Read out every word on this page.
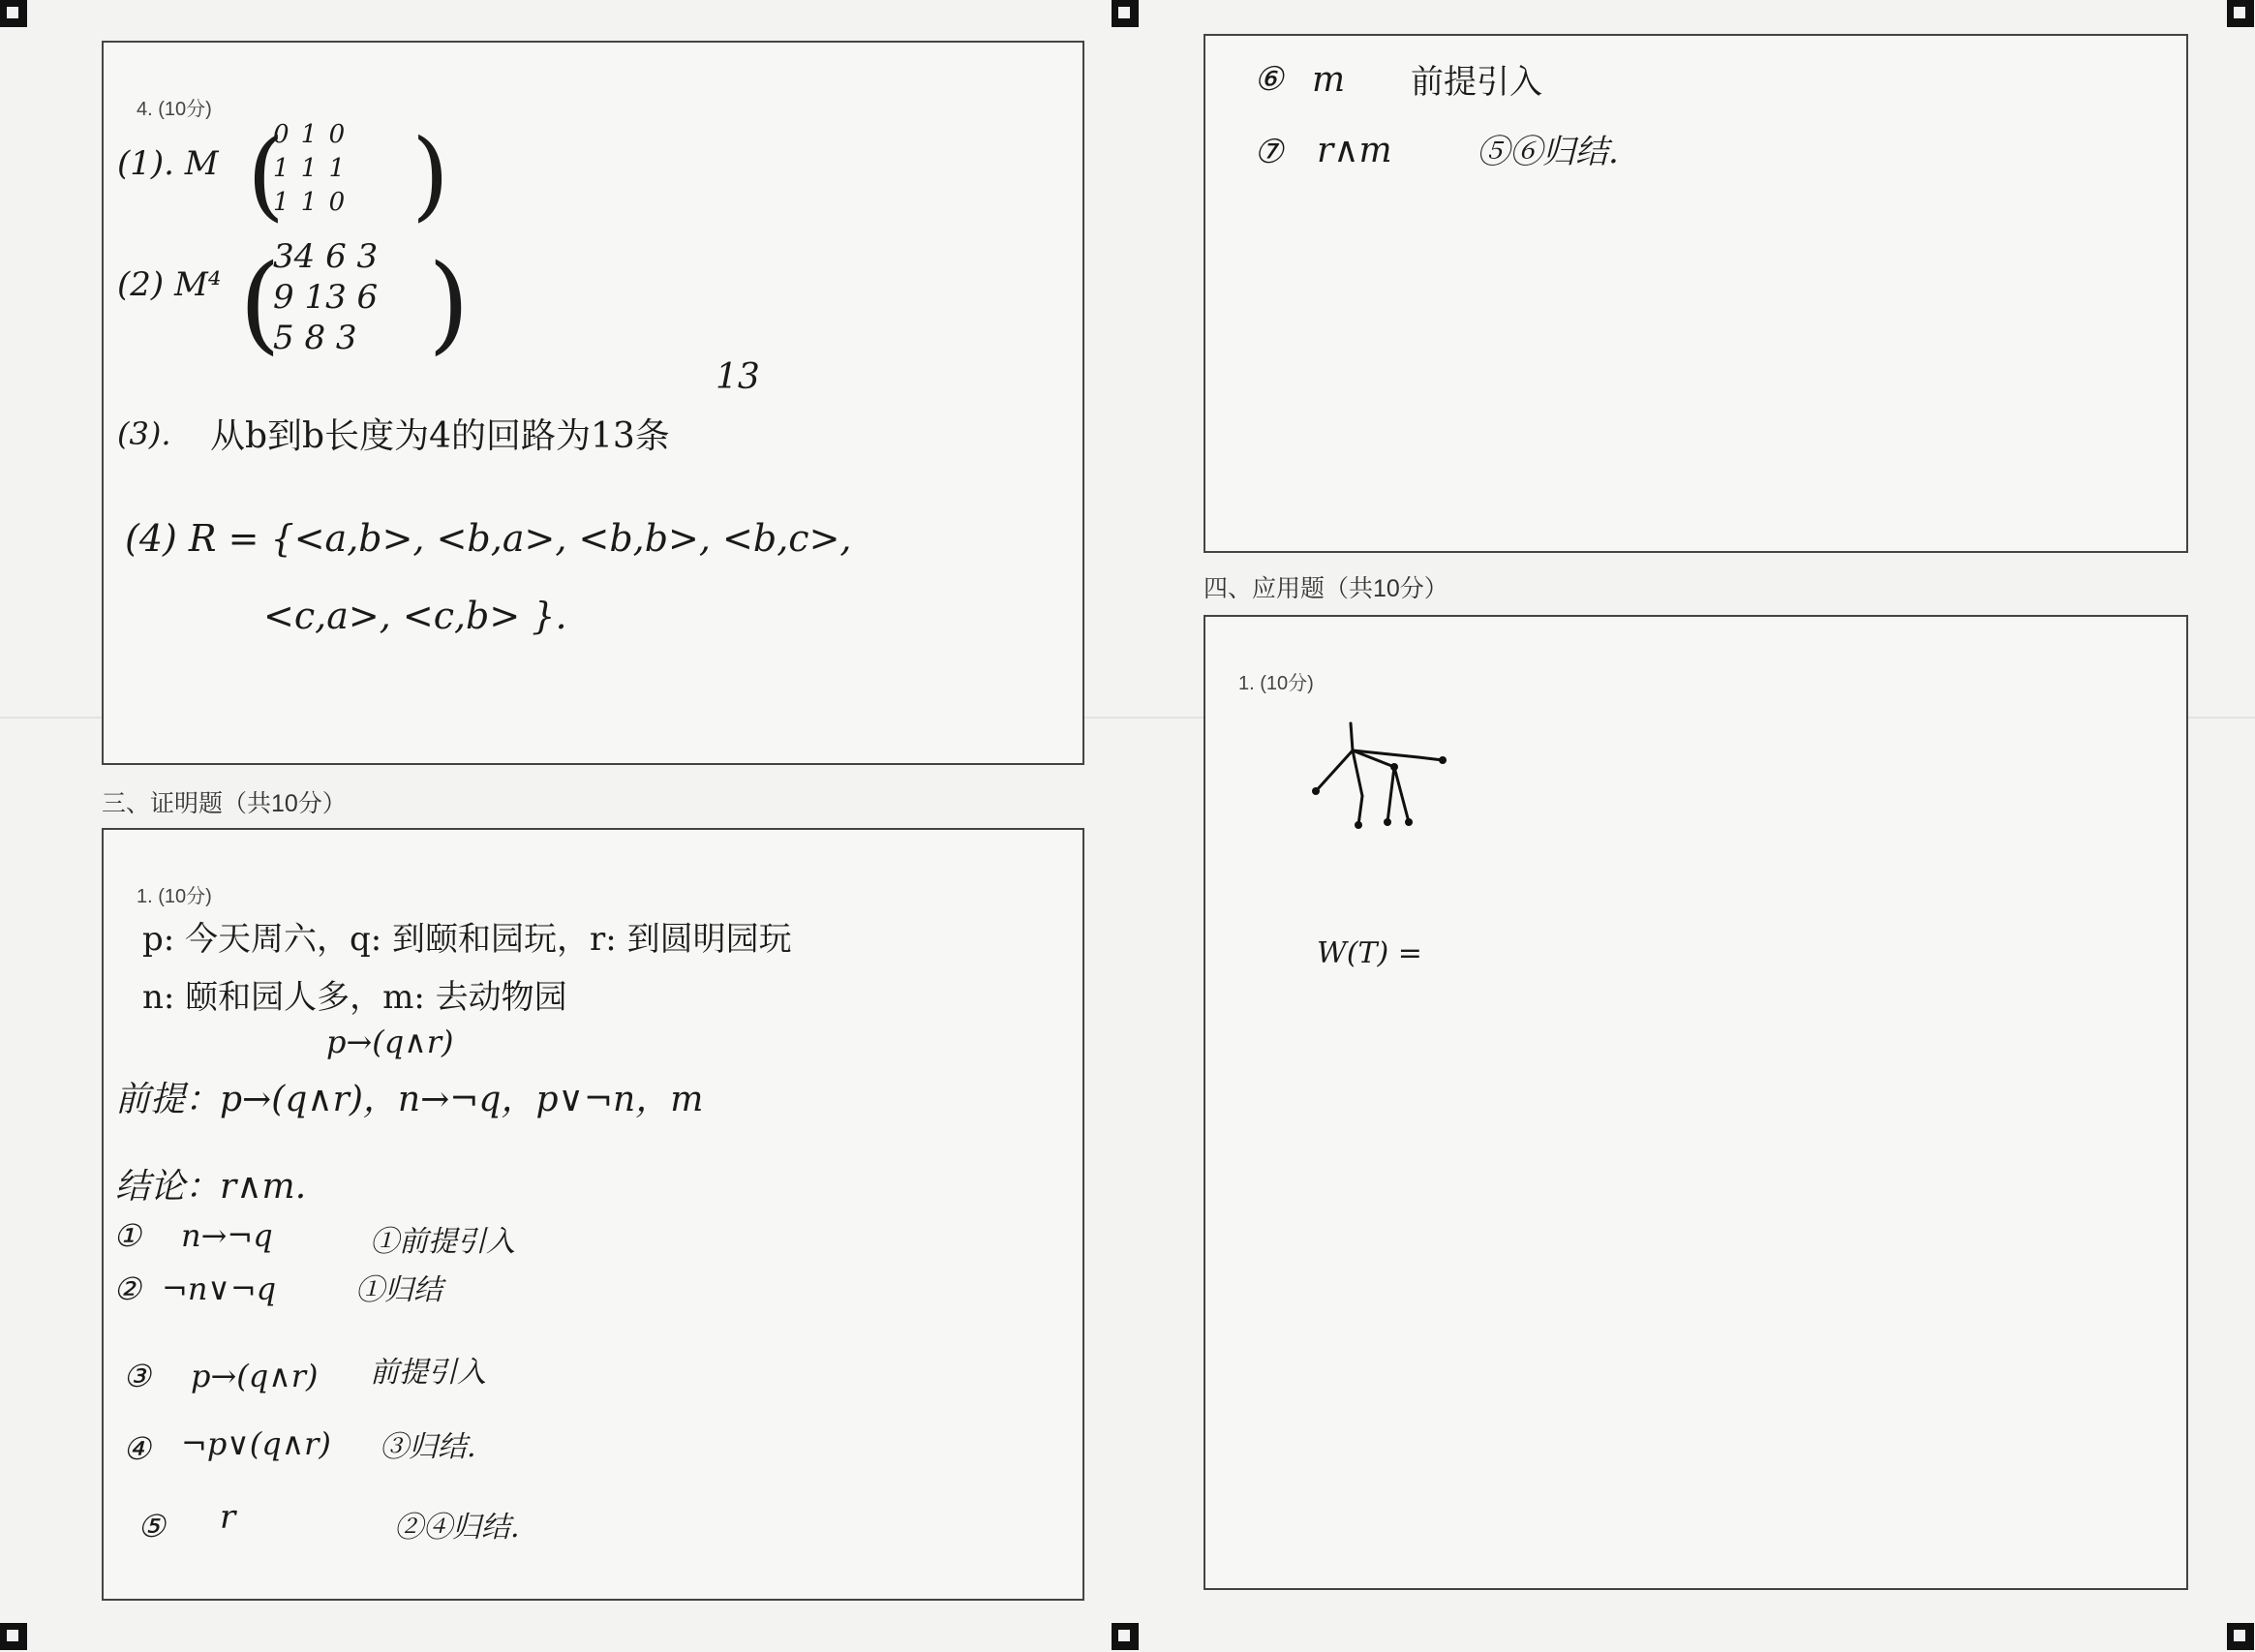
4. (10分)
(1). M (
0 1 0
1 1 1
1 1 0 )
(2) M⁴ (
34 6 3
9 13 6
5 8 3 )
13
(3). 从b到b长度为4的回路为13条
(4) R = {<a,b>, <b,a>, <b,b>, <b,c>,
<c,a>, <c,b> }.
三、证明题（共10分）
1. (10分)
p: 今天周六，q: 到颐和园玩，r: 到圆明园玩
n: 颐和园人多，m: 去动物园
p→(q∧r)
前提：p→(q∧r)，n→¬q，p∨¬n，m
结论：r∧m.
① n→¬q	①前提引入
② ¬n∨¬q	①归结
③ p→(q∧r) 前提引入
④ ¬p∨(q∧r) ③归结.
⑤ r	②④归结.
⑥ m 前提引入
⑦ r∧m	⑤⑥归结.
四、应用题（共10分）
1. (10分)
W(T) =
